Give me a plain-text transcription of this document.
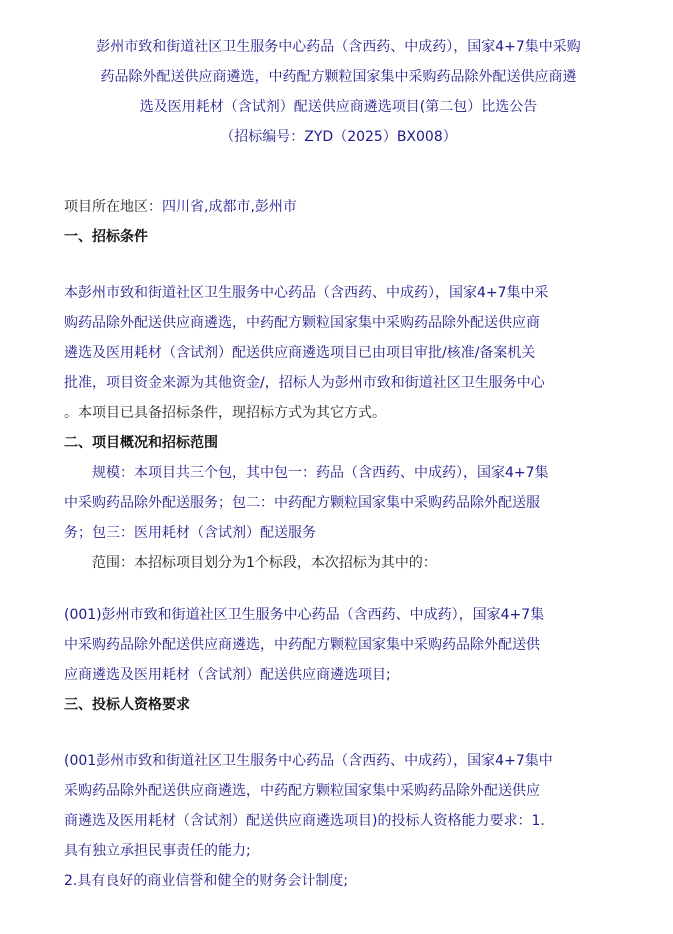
彭州市致和街道社区卫生服务中心药品（含西药、中成药），国家4+7集中采购
药品除外配送供应商遴选，中药配方颗粒国家集中采购药品除外配送供应商遴
选及医用耗材（含试剂）配送供应商遴选项目(第二包）比选公告
（招标编号：ZYD（2025）BX008）
项目所在地区：四川省,成都市,彭州市
一、招标条件
本彭州市致和街道社区卫生服务中心药品（含西药、中成药），国家4+7集中采
购药品除外配送供应商遴选，中药配方颗粒国家集中采购药品除外配送供应商
遴选及医用耗材（含试剂）配送供应商遴选项目已由项目审批/核准/备案机关
批准，项目资金来源为其他资金/，招标人为彭州市致和街道社区卫生服务中心
。本项目已具备招标条件，现招标方式为其它方式。
二、项目概况和招标范围
规模：本项目共三个包，其中包一：药品（含西药、中成药），国家4+7集
中采购药品除外配送服务；包二：中药配方颗粒国家集中采购药品除外配送服
务；包三：医用耗材（含试剂）配送服务
范围：本招标项目划分为1个标段，本次招标为其中的：
(001)彭州市致和街道社区卫生服务中心药品（含西药、中成药），国家4+7集
中采购药品除外配送供应商遴选，中药配方颗粒国家集中采购药品除外配送供
应商遴选及医用耗材（含试剂）配送供应商遴选项目;
三、投标人资格要求
(001彭州市致和街道社区卫生服务中心药品（含西药、中成药），国家4+7集中
采购药品除外配送供应商遴选，中药配方颗粒国家集中采购药品除外配送供应
商遴选及医用耗材（含试剂）配送供应商遴选项目)的投标人资格能力要求：1.
具有独立承担民事责任的能力;
2.具有良好的商业信誉和健全的财务会计制度;
